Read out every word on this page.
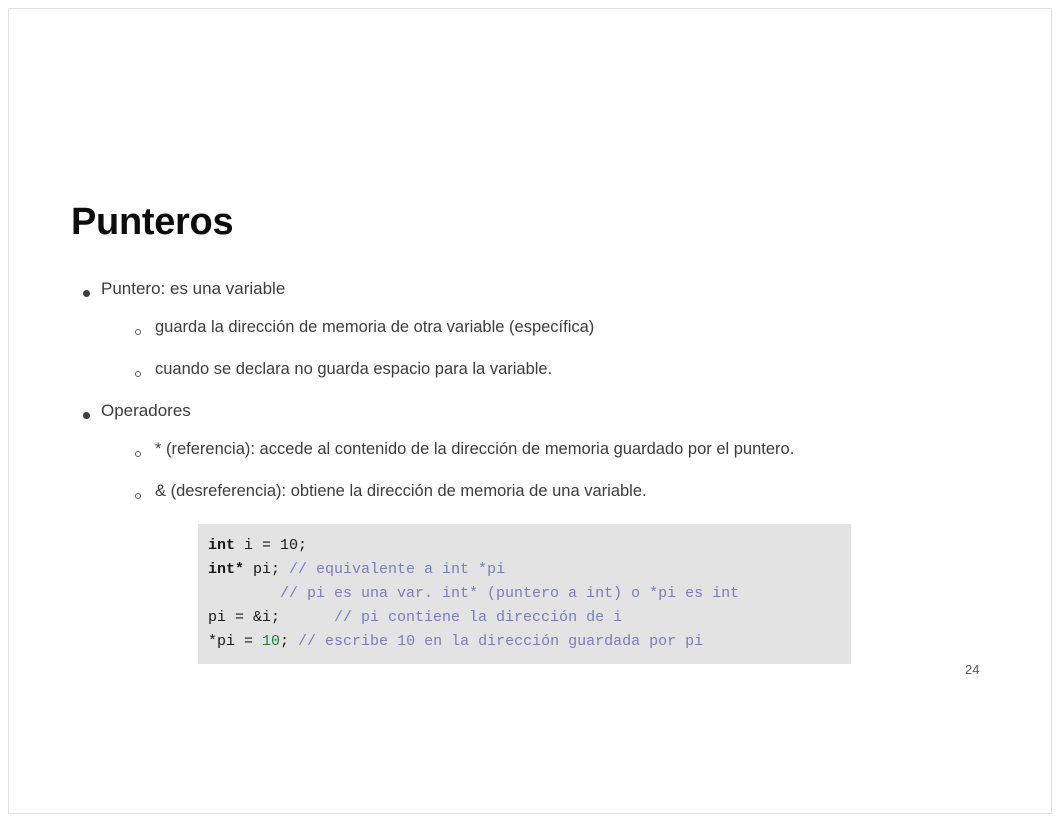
Punteros
Puntero: es una variable
guarda la dirección de memoria de otra variable (específica)
cuando se declara no guarda espacio para la variable.
Operadores
* (referencia): accede al contenido de la dirección de memoria guardado por el puntero.
& (desreferencia): obtiene la dirección de memoria de una variable.
int i = 10;
int* pi; // equivalente a int *pi
// pi es una var. int* (puntero a int) o *pi es int
pi = &i;      // pi contiene la dirección de i
*pi = 10; // escribe 10 en la dirección guardada por pi
24
